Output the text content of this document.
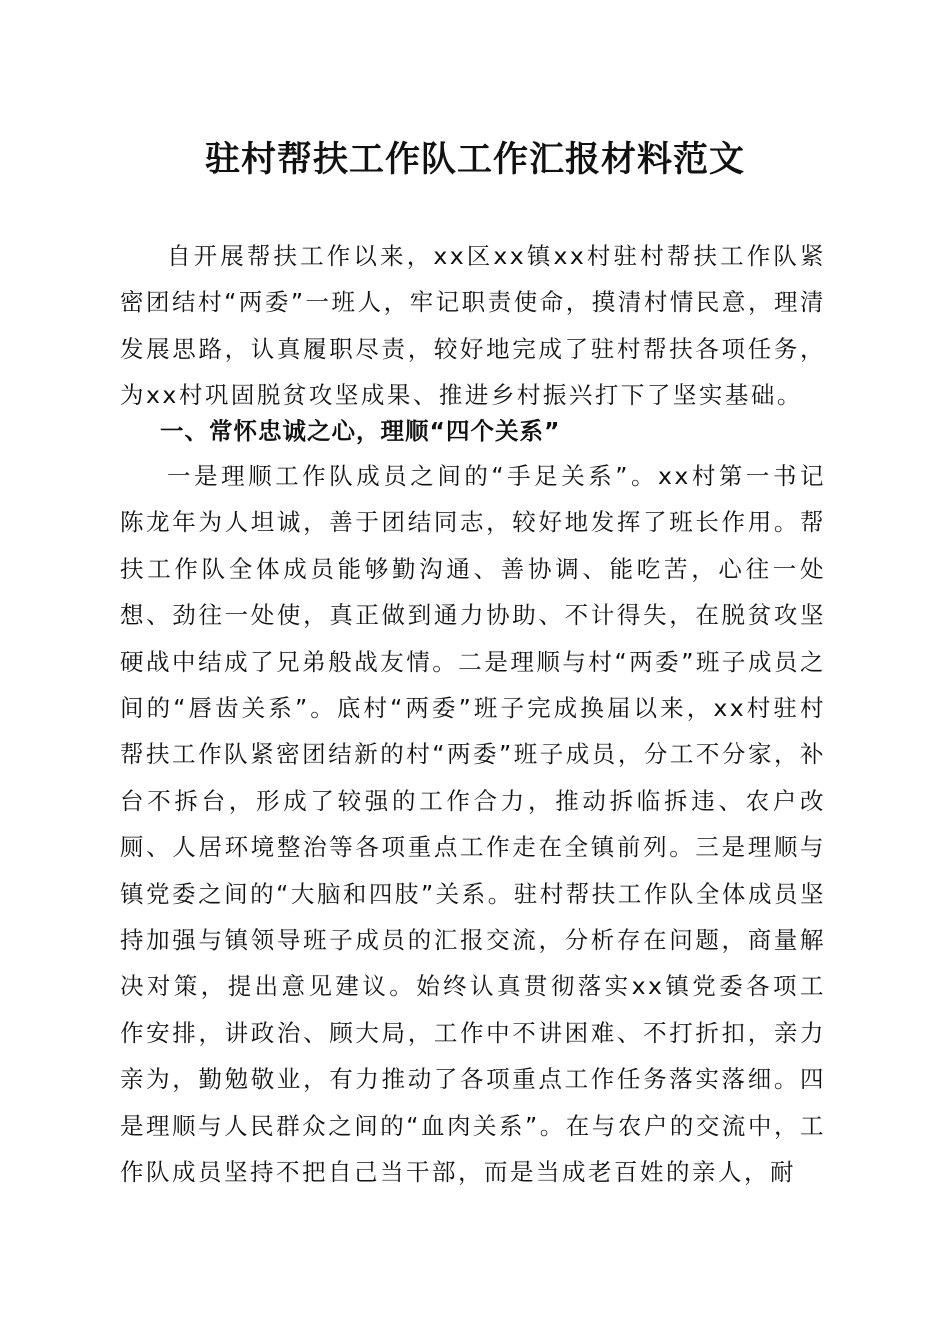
驻村帮扶工作队工作汇报材料范文

自开展帮扶工作以来，xx区xx镇xx村驻村帮扶工作队紧密团结村“两委”一班人，牢记职责使命，摸清村情民意，理清发展思路，认真履职尽责，较好地完成了驻村帮扶各项任务，为xx村巩固脱贫攻坚成果、推进乡村振兴打下了坚实基础。

一、常怀忠诚之心，理顺“四个关系”

一是理顺工作队成员之间的“手足关系”。xx村第一书记陈龙年为人坦诚，善于团结同志，较好地发挥了班长作用。帮扶工作队全体成员能够勤沟通、善协调、能吃苦，心往一处想、劲往一处使，真正做到通力协助、不计得失，在脱贫攻坚硬战中结成了兄弟般战友情。二是理顺与村“两委”班子成员之间的“唇齿关系”。底村“两委”班子完成换届以来，xx村驻村帮扶工作队紧密团结新的村“两委”班子成员，分工不分家，补台不拆台，形成了较强的工作合力，推动拆临拆违、农户改厕、人居环境整治等各项重点工作走在全镇前列。三是理顺与镇党委之间的“大脑和四肢”关系。驻村帮扶工作队全体成员坚持加强与镇领导班子成员的汇报交流，分析存在问题，商量解决对策，提出意见建议。始终认真贯彻落实xx镇党委各项工作安排，讲政治、顾大局，工作中不讲困难、不打折扣，亲力亲为，勤勉敬业，有力推动了各项重点工作任务落实落细。四是理顺与人民群众之间的“血肉关系”。在与农户的交流中，工作队成员坚持不把自己当干部，而是当成老百姓的亲人，耐
